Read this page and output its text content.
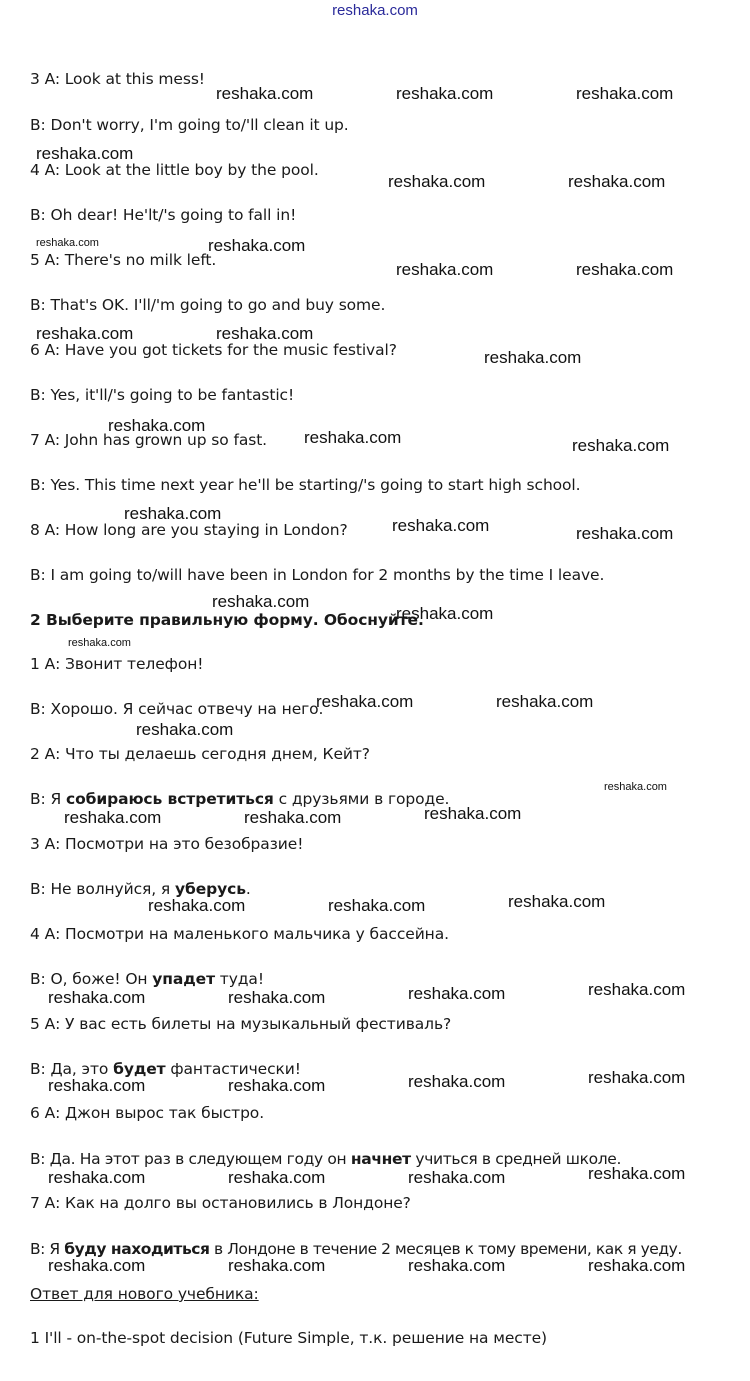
reshaka.com
3 A: Look at this mess!
B: Don't worry, I'm going to/'ll clean it up.
4 A: Look at the little boy by the pool.
B: Oh dear! He'lt/'s going to fall in!
5 A: There's no milk left.
B: That's OK. I'll/'m going to go and buy some.
6 A: Have you got tickets for the music festival?
B: Yes, it'll/'s going to be fantastic!
7 A: John has grown up so fast.
B: Yes. This time next year he'll be starting/'s going to start high school.
8 A: How long are you staying in London?
B: I am going to/will have been in London for 2 months by the time I leave.
2 Выберите правильную форму. Обоснуйте.
1 А: Звонит телефон!
B: Хорошо. Я сейчас отвечу на него.
2 А: Что ты делаешь сегодня днем, Кейт?
B: Я собираюсь встретиться с друзьями в городе.
3 А: Посмотри на это безобразие!
B: Не волнуйся, я уберусь.
4 А: Посмотри на маленького мальчика у бассейна.
B: О, боже! Он упадет туда!
5 А: У вас есть билеты на музыкальный фестиваль?
B: Да, это будет фантастически!
6 А: Джон вырос так быстро.
B: Да. На этот раз в следующем году он начнет учиться в средней школе.
7 А: Как на долго вы остановились в Лондоне?
B: Я буду находиться в Лондоне в течение 2 месяцев к тому времени, как я уеду.
Ответ для нового учебника:
1 I'll - on-the-spot decision (Future Simple, т.к. решение на месте)
reshaka.com	reshaka.com	reshaka.com
reshaka.com
reshaka.com	reshaka.com
reshaka.com	reshaka.com
reshaka.com	reshaka.com
reshaka.com	reshaka.com
reshaka.com
reshaka.com
reshaka.com	reshaka.com
reshaka.com
reshaka.com	reshaka.com
reshaka.com
reshaka.com
reshaka.com
reshaka.com	reshaka.com
reshaka.com
reshaka.com
reshaka.com	reshaka.com	reshaka.com
reshaka.com	reshaka.com	reshaka.com
reshaka.com	reshaka.com	reshaka.com	reshaka.com
reshaka.com	reshaka.com	reshaka.com	reshaka.com
reshaka.com	reshaka.com	reshaka.com	reshaka.com
reshaka.com	reshaka.com	reshaka.com	reshaka.com
